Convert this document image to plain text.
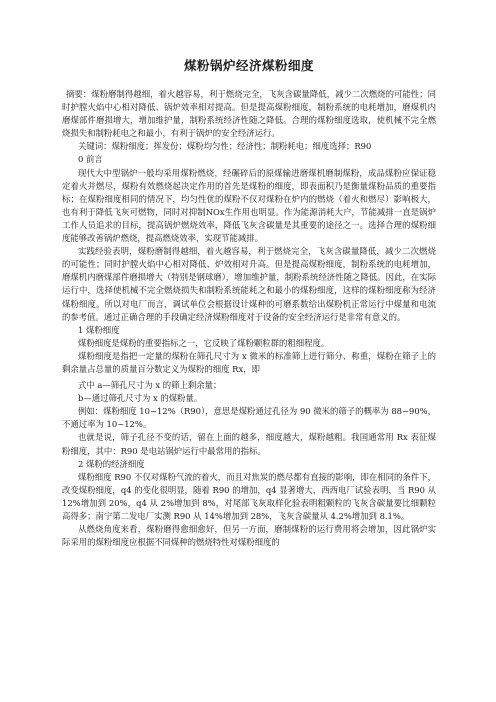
煤粉锅炉经济煤粉细度

摘要：煤粉磨制得越细，着火越容易，利于燃烧完全，飞灰含碳量降低，减少二次燃烧的可能性；同时护膛火焰中心相对降低、锅炉效率相对提高。但是提高煤粉细度，制粉系统的电耗增加，磨煤机内磨煤部件磨损增大，增加维护量，制粉系统经济性随之降低。合理的煤粉细度选取，使机械不完全燃烧损失和制粉耗电之和最小，有利于锅炉的安全经济运行。

关键词：煤粉细度；挥发份；煤粉均匀性；经济性；制粉耗电；细度选择；R90

0 前言

现代大中型锅炉一般均采用煤粉燃烧，经碾碎后的原煤输进磨煤机磨制煤粉，成品煤粉应保证稳定着火并燃尽，煤粉有效燃烧起决定作用的首先是煤粉的细度，即表面积乃是衡量煤粉品质的重要指标；在煤粉细度相同的情况下，均匀性优的煤粉不仅对煤粉在炉内的燃烧（着火和燃尽）影响极大，也有利于降低飞灰可燃物，同时对抑制NOx生作用也明显。作为能源消耗大户，节能减排一直是锅炉工作人员追求的目标，提高锅炉燃烧效率，降低飞灰含碳量是其重要的途径之一。选择合理的煤粉细度能够改善锅炉燃烧，提高燃烧效率，实现节能减排。

实践经验表明，煤粉磨制得越细，着火越容易，利于燃烧完全，飞灰含碳量降低，减少二次燃烧的可能性；同时护膛火焰中心相对降低、炉效相对升高。但是提高煤粉细度，制粉系统的电耗增加，磨煤机内磨煤部件磨损增大（特别是钢球磨），增加维护量，制粉系统经济性随之降低。因此，在实际运行中，选择使机械不完全燃烧损失和制粉系统能耗之和最小的煤粉细度，这样的煤粉细度称为经济煤粉细度。所以对电厂而言，调试单位会根据设计煤种的可磨系数给出煤粉机正常运行中煤量和电流的参考值。通过正确合理的手段确定经济煤粉细度对于设备的安全经济运行是非常有意义的。

1 煤粉细度

煤粉细度是煤粉的重要指标之一，它反映了煤粉颗粒群的粗细程度。

煤粉细度是指把一定量的煤粉在筛孔尺寸为 x 微米的标准筛上进行筛分、称重，煤粉在筛子上的剩余量占总量的质量百分数定义为煤粉的细度 Rx，即

式中 a—筛孔尺寸为 x 的筛上剩余量；

b—通过筛孔尺寸为 x 的煤粉量。

例如：煤粉细度 10~12%（R90），意思是煤粉通过孔径为 90 微米的筛子的概率为 88~90%，不通过率为 10~12%。

也就是说，筛子孔径不变的话，留在上面的越多，细度越大，煤粉越粗。我国通常用 Rx 表征煤粉细度，其中：R90 是电站锅炉运行中最常用的指标。

2 煤粉的经济细度

煤粉细度 R90 不仅对煤粉气流的着火，而且对焦炭的燃尽都有直接的影响，即在相同的条件下，改变煤粉细度，q4 的变化很明显，随着 R90 的增加，q4 显著增大，西西电厂试验表明，当 R90 从 12%增加到 20%，q4 从 2%增加到 8%，对尾部飞灰取样化验表明粗颗粒的飞灰含碳量要比细颗粒高得多；南宁第二发电厂实测 R90 从 14%增加到 28%，飞灰含碳量从 4.2%增加到 8.1%。

从燃烧角度来看，煤粉磨得愈细愈好，但另一方面，磨制煤粉的运行费用将会增加，因此锅炉实际采用的煤粉细度应根据不同煤种的燃烧特性对煤粉细度的
